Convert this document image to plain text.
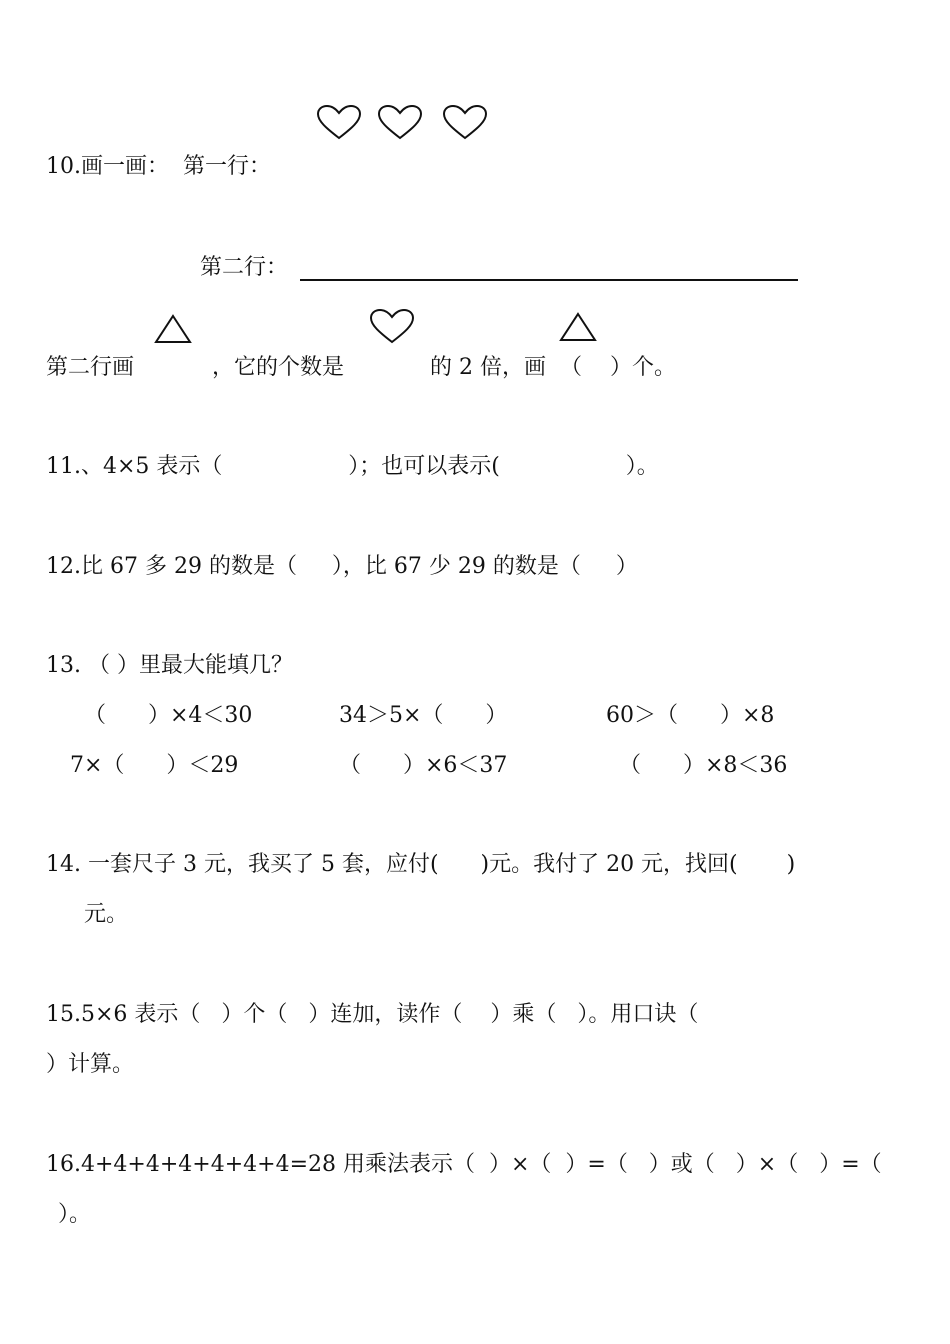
10.画一画：  第一行：
第二行：
第二行画	，它的个数是	的 2 倍，画  （    ）个。
11.、4×5 表示（                  ）；也可以表示(                  ）。
12.比 67 多 29 的数是（     ），比 67 少 29 的数是（     ）
13. （ ）里最大能填几？
（      ）×4＜30	34＞5×（      ）	60＞（      ）×8
7×（      ）＜29	（      ）×6＜37	（      ）×8＜36
14. 一套尺子 3 元，我买了 5 套，应付(      )元。我付了 20 元，找回(       )
元。
15.5×6 表示（   ）个（   ）连加，读作（    ）乘（   ）。用口诀（
）计算。
16.4+4+4+4+4+4+4=28 用乘法表示（  ）×（  ）=（   ）或（   ）×（   ）=（
）。
